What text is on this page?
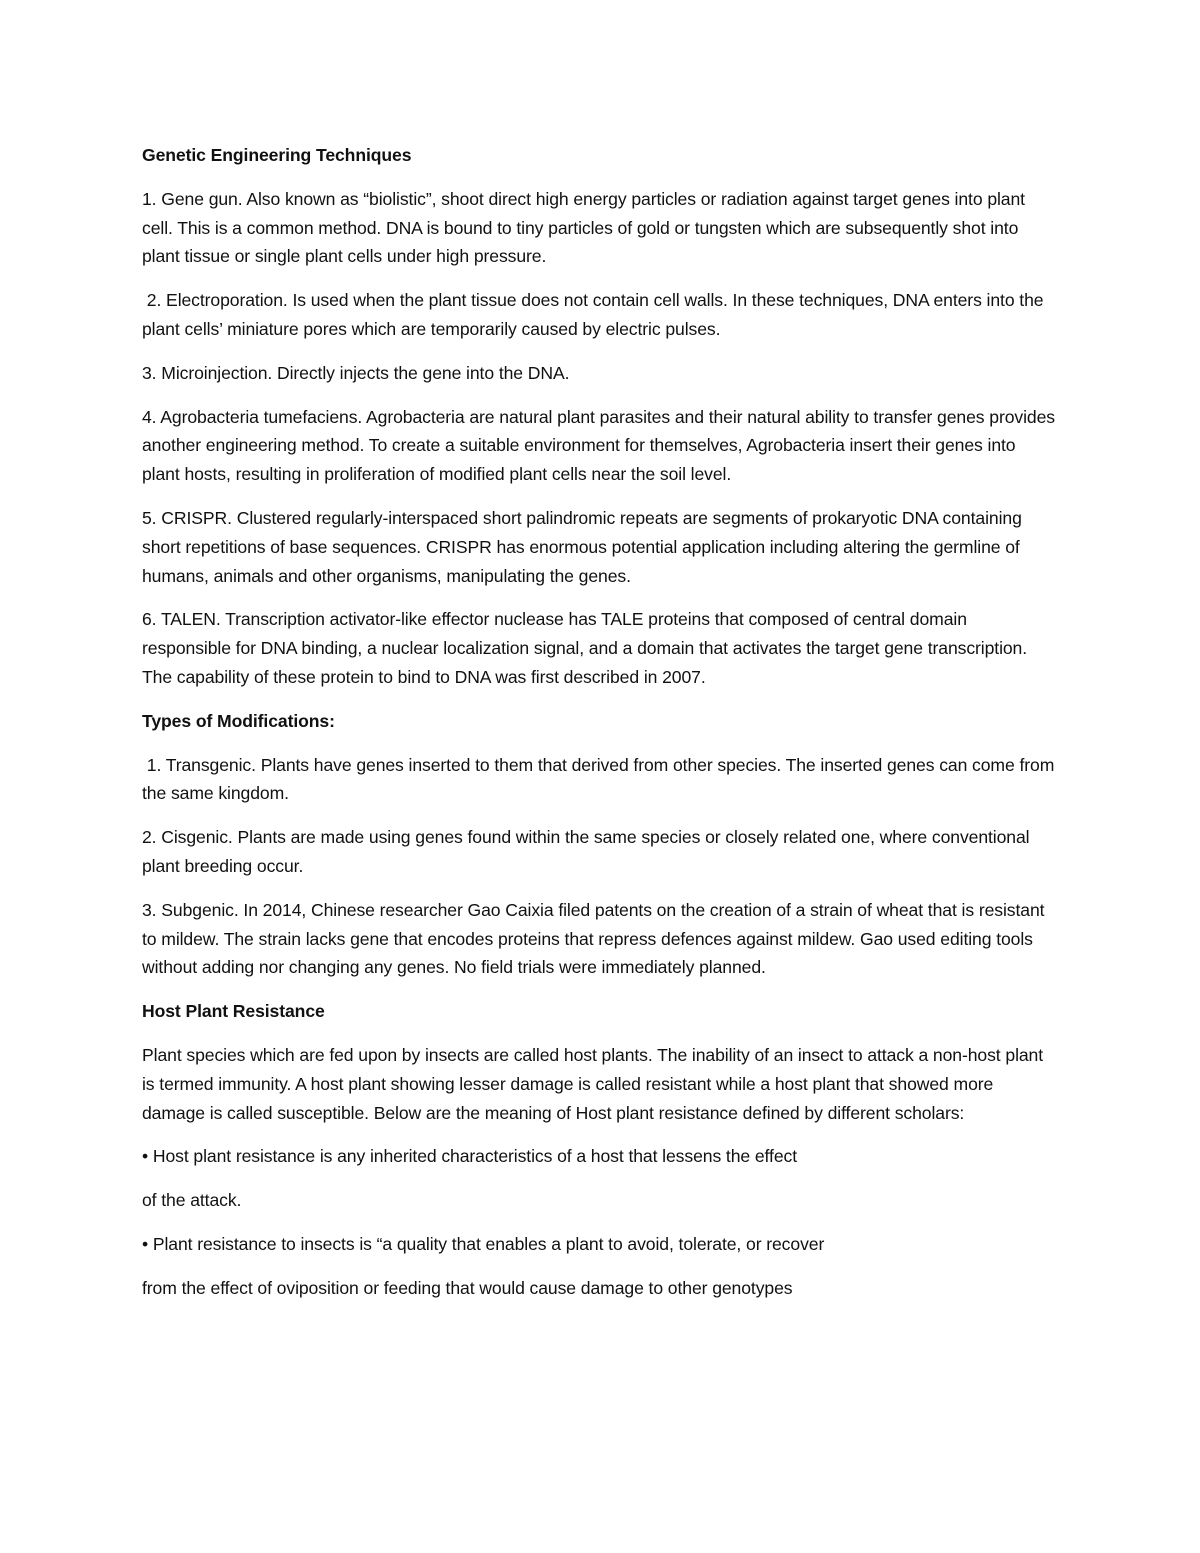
Genetic Engineering Techniques

1. Gene gun. Also known as “biolistic”, shoot direct high energy particles or radiation against target genes into plant cell. This is a common method. DNA is bound to tiny particles of gold or tungsten which are subsequently shot into plant tissue or single plant cells under high pressure.

2. Electroporation. Is used when the plant tissue does not contain cell walls. In these techniques, DNA enters into the plant cells’ miniature pores which are temporarily caused by electric pulses.

3. Microinjection. Directly injects the gene into the DNA.

4. Agrobacteria tumefaciens. Agrobacteria are natural plant parasites and their natural ability to transfer genes provides another engineering method. To create a suitable environment for themselves, Agrobacteria insert their genes into plant hosts, resulting in proliferation of modified plant cells near the soil level.

5. CRISPR. Clustered regularly-interspaced short palindromic repeats are segments of prokaryotic DNA containing short repetitions of base sequences. CRISPR has enormous potential application including altering the germline of humans, animals and other organisms, manipulating the genes.

6. TALEN. Transcription activator-like effector nuclease has TALE proteins that composed of central domain responsible for DNA binding, a nuclear localization signal, and a domain that activates the target gene transcription. The capability of these protein to bind to DNA was first described in 2007.

Types of Modifications:

1. Transgenic. Plants have genes inserted to them that derived from other species. The inserted genes can come from the same kingdom.

2. Cisgenic. Plants are made using genes found within the same species or closely related one, where conventional plant breeding occur.

3. Subgenic. In 2014, Chinese researcher Gao Caixia filed patents on the creation of a strain of wheat that is resistant to mildew. The strain lacks gene that encodes proteins that repress defences against mildew. Gao used editing tools without adding nor changing any genes. No field trials were immediately planned.

Host Plant Resistance

Plant species which are fed upon by insects are called host plants. The inability of an insect to attack a non-host plant is termed immunity. A host plant showing lesser damage is called resistant while a host plant that showed more damage is called susceptible. Below are the meaning of Host plant resistance defined by different scholars:

• Host plant resistance is any inherited characteristics of a host that lessens the effect

of the attack.

• Plant resistance to insects is “a quality that enables a plant to avoid, tolerate, or recover

from the effect of oviposition or feeding that would cause damage to other genotypes
